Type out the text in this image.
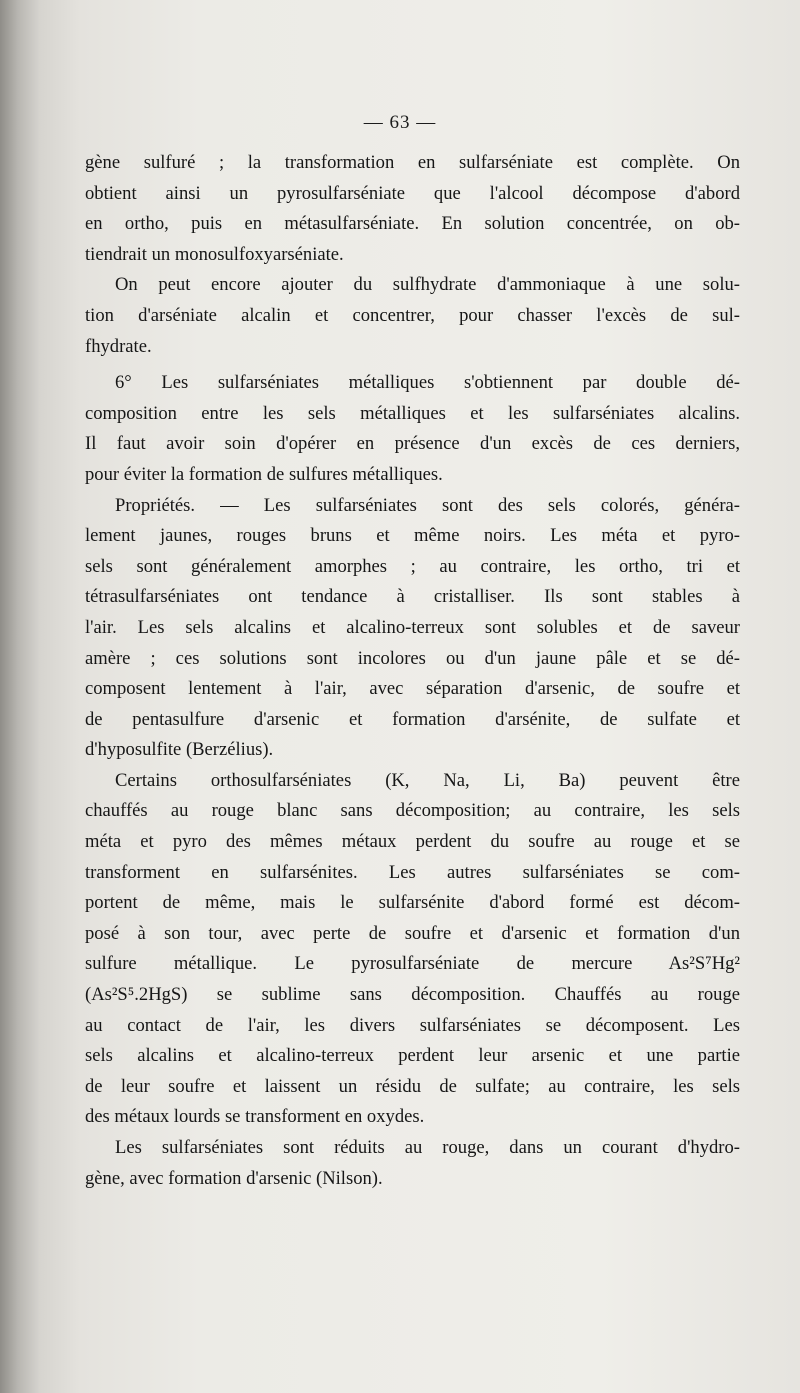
— 63 —
gène sulfuré ; la transformation en sulfarséniate est complète. On
obtient ainsi un pyrosulfarséniate que l'alcool décompose d'abord
en ortho, puis en métasulfarséniate. En solution concentrée, on ob-
tiendrait un monosulfoxyarséniate.
On peut encore ajouter du sulfhydrate d'ammoniaque à une solu-
tion d'arséniate alcalin et concentrer, pour chasser l'excès de sul-
fhydrate.
6° Les sulfarséniates métalliques s'obtiennent par double dé-
composition entre les sels métalliques et les sulfarséniates alcalins.
Il faut avoir soin d'opérer en présence d'un excès de ces derniers,
pour éviter la formation de sulfures métalliques.
Propriétés. — Les sulfarséniates sont des sels colorés, généra-
lement jaunes, rouges bruns et même noirs. Les méta et pyro-
sels sont généralement amorphes ; au contraire, les ortho, tri et
tétrasulfarséniates ont tendance à cristalliser. Ils sont stables à
l'air. Les sels alcalins et alcalino-terreux sont solubles et de saveur
amère ; ces solutions sont incolores ou d'un jaune pâle et se dé-
composent lentement à l'air, avec séparation d'arsenic, de soufre et
de pentasulfure d'arsenic et formation d'arsénite, de sulfate et
d'hyposulfite (Berzélius).
Certains orthosulfarséniates (K, Na, Li, Ba) peuvent être
chauffés au rouge blanc sans décomposition; au contraire, les sels
méta et pyro des mêmes métaux perdent du soufre au rouge et se
transforment en sulfarsénites. Les autres sulfarséniates se com-
portent de même, mais le sulfarsénite d'abord formé est décom-
posé à son tour, avec perte de soufre et d'arsenic et formation d'un
sulfure métallique. Le pyrosulfarséniate de mercure As²S⁷Hg²
(As²S⁵.2HgS) se sublime sans décomposition. Chauffés au rouge
au contact de l'air, les divers sulfarséniates se décomposent. Les
sels alcalins et alcalino-terreux perdent leur arsenic et une partie
de leur soufre et laissent un résidu de sulfate; au contraire, les sels
des métaux lourds se transforment en oxydes.
Les sulfarséniates sont réduits au rouge, dans un courant d'hydro-
gène, avec formation d'arsenic (Nilson).
